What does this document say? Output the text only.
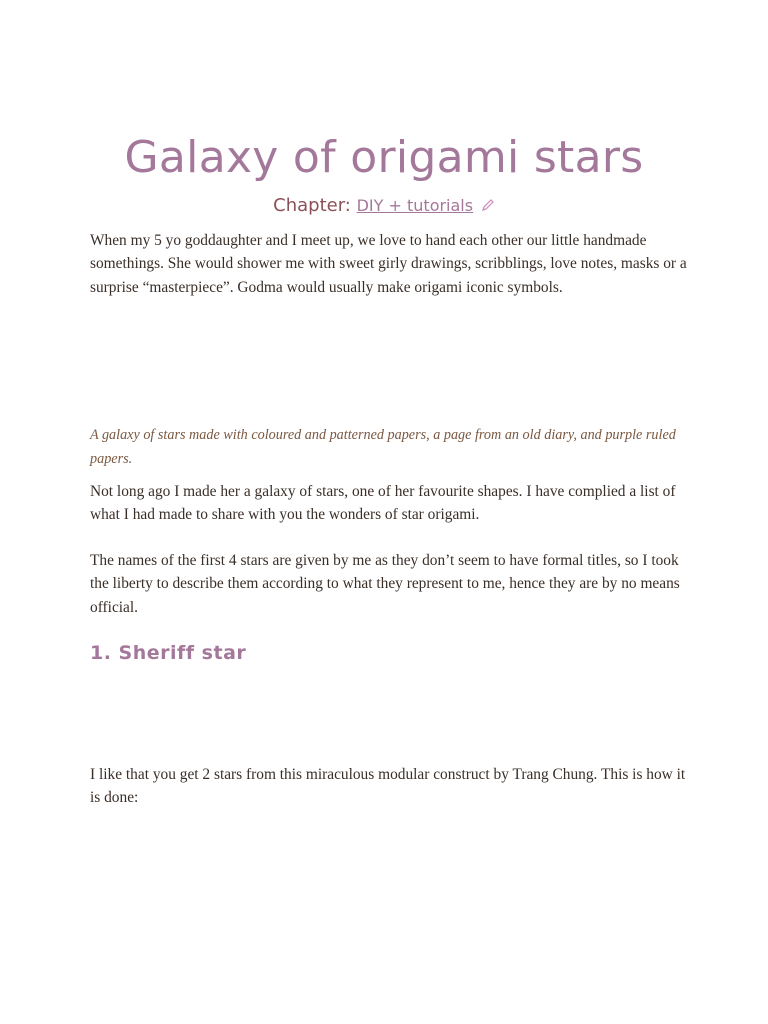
Galaxy of origami stars
Chapter: DIY + tutorials

When my 5 yo goddaughter and I meet up, we love to hand each other our little handmade somethings. She would shower me with sweet girly drawings, scribblings, love notes, masks or a surprise “masterpiece”. Godma would usually make origami iconic symbols.

A galaxy of stars made with coloured and patterned papers, a page from an old diary, and purple ruled papers.

Not long ago I made her a galaxy of stars, one of her favourite shapes. I have complied a list of what I had made to share with you the wonders of star origami.

The names of the first 4 stars are given by me as they don’t seem to have formal titles, so I took the liberty to describe them according to what they represent to me, hence they are by no means official.

1. Sheriff star

I like that you get 2 stars from this miraculous modular construct by Trang Chung. This is how it is done:
